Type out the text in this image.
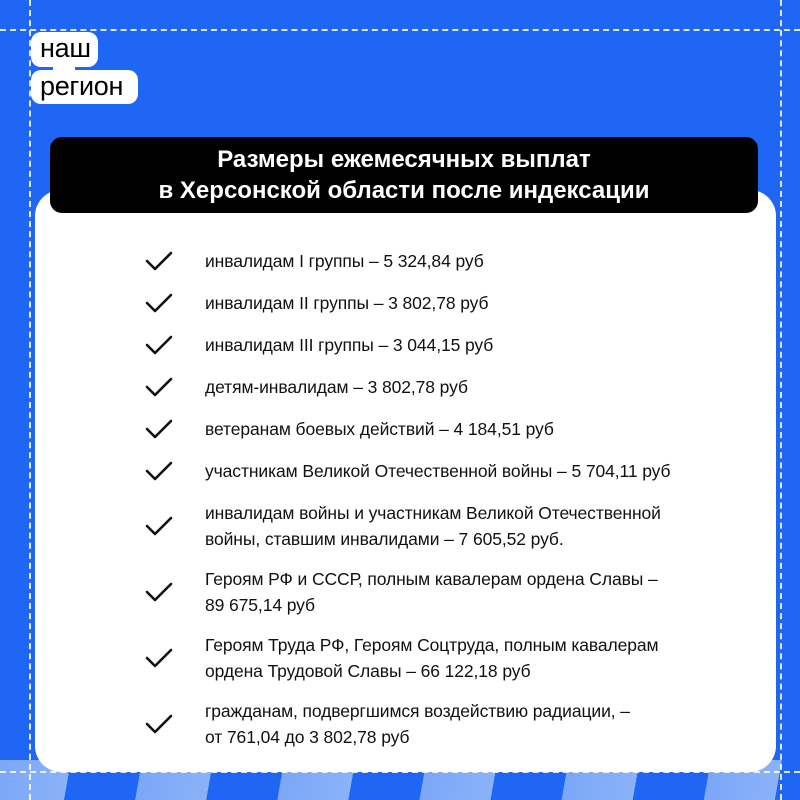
наш
регион
Размеры ежемесячных выплат
в Херсонской области после индексации
инвалидам I группы – 5 324,84 руб
инвалидам II группы – 3 802,78 руб
инвалидам III группы – 3 044,15 руб
детям-инвалидам – 3 802,78 руб
ветеранам боевых действий – 4 184,51 руб
участникам Великой Отечественной войны – 5 704,11 руб
инвалидам войны и участникам Великой Отечественной
войны, ставшим инвалидами – 7 605,52 руб.
Героям РФ и СССР, полным кавалерам ордена Славы –
89 675,14 руб
Героям Труда РФ, Героям Соцтруда, полным кавалерам
ордена Трудовой Славы – 66 122,18 руб
гражданам, подвергшимся воздействию радиации, –
от 761,04 до 3 802,78 руб
